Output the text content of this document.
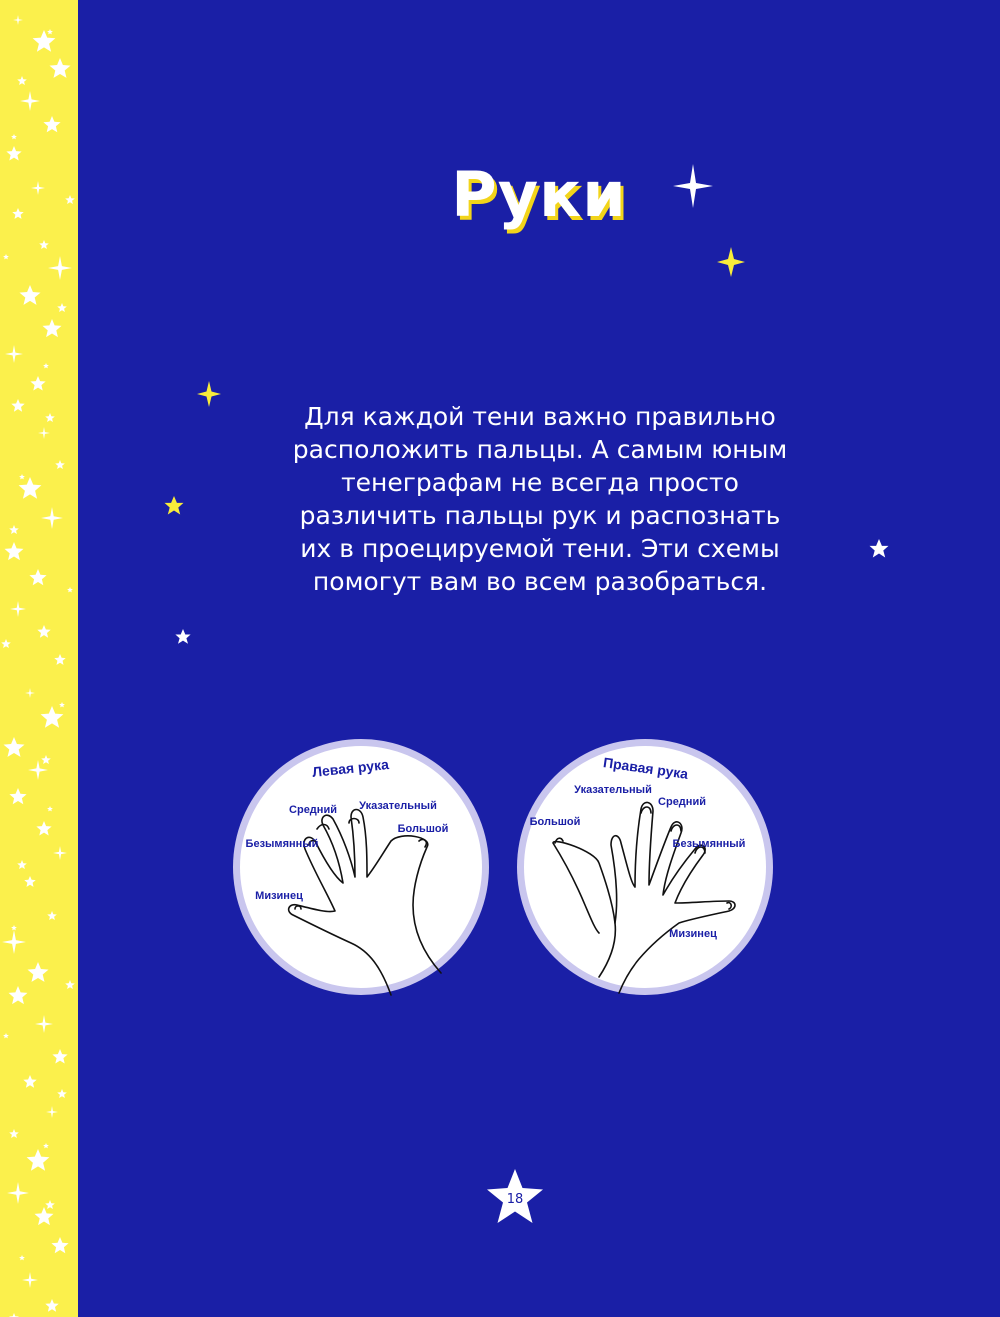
Руки
Для каждой тени важно правильно
расположить пальцы. А самым юным
тенеграфам не всегда просто
различить пальцы рук и распознать
их в проецируемой тени. Эти схемы
помогут вам во всем разобраться.
Левая рука
Средний Указательный
Большой
Безымянный
Мизинец
Правая рука
Большой
Указательный
Средний
Безымянный
Мизинец
18
